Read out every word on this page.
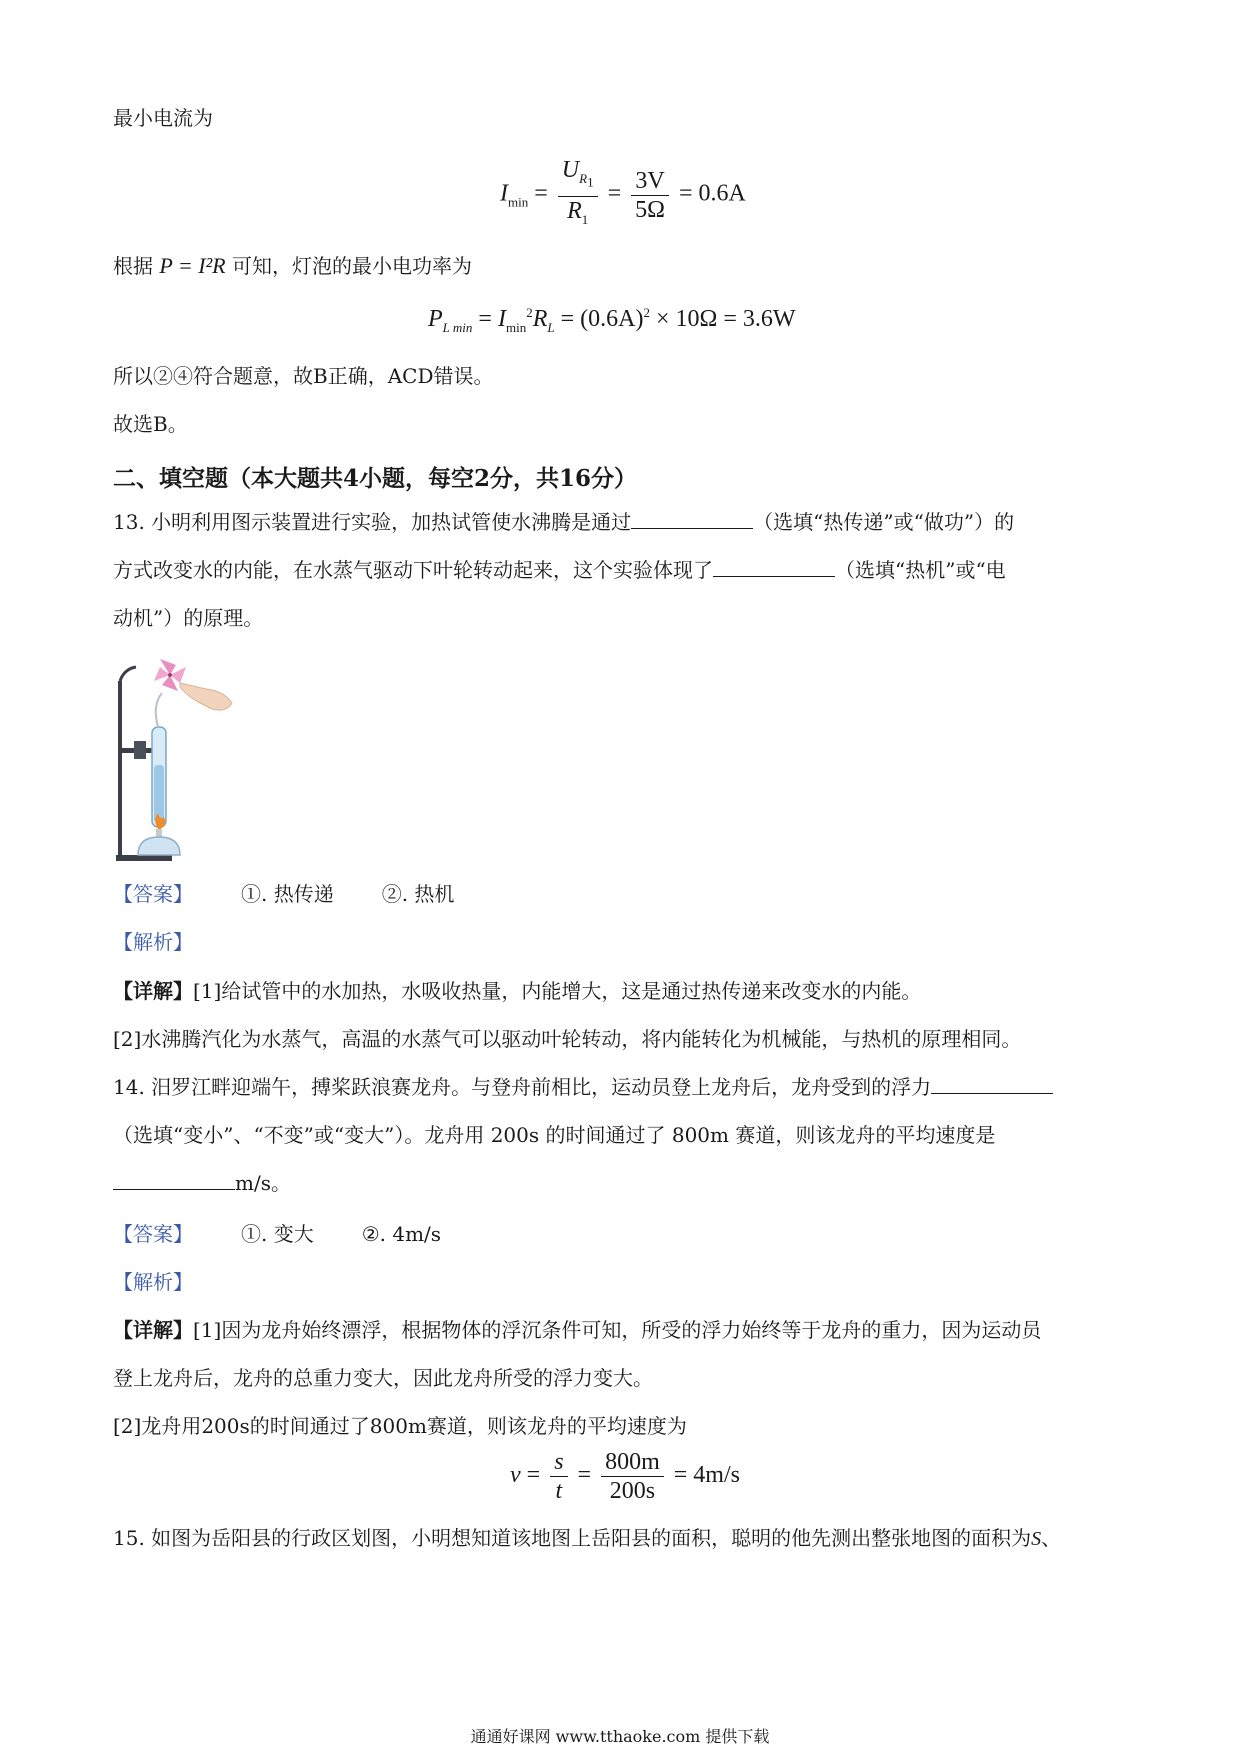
最小电流为
$I_{min} = \frac{U_{R_1}}{R_1} = \frac{3V}{5\Omega} = 0.6A$
根据 P = I²R 可知，灯泡的最小电功率为
$P_{L min} = I_{min}^2R_L = (0.6A)^2 \times 10\Omega = 3.6W$
所以②④符合题意，故B正确，ACD错误。
故选B。
二、填空题（本大题共4小题，每空2分，共16分）
13. 小明利用图示装置进行实验，加热试管使水沸腾是通过	（选填“热传递”或“做功”）的
方式改变水的内能，在水蒸气驱动下叶轮转动起来，这个实验体现了	（选填“热机”或“电
动机”）的原理。
【答案】 ①. 热传递 ②. 热机
【解析】
【详解】[1]给试管中的水加热，水吸收热量，内能增大，这是通过热传递来改变水的内能。
[2]水沸腾汽化为水蒸气，高温的水蒸气可以驱动叶轮转动，将内能转化为机械能，与热机的原理相同。
14. 汨罗江畔迎端午，搏桨跃浪赛龙舟。与登舟前相比，运动员登上龙舟后，龙舟受到的浮力
（选填“变小”、“不变”或“变大”）。龙舟用 200s 的时间通过了 800m 赛道，则该龙舟的平均速度是
m/s。
【答案】 ①. 变大 ②. 4m/s
【解析】
【详解】[1]因为龙舟始终漂浮，根据物体的浮沉条件可知，所受的浮力始终等于龙舟的重力，因为运动员
登上龙舟后，龙舟的总重力变大，因此龙舟所受的浮力变大。
[2]龙舟用200s的时间通过了800m赛道，则该龙舟的平均速度为
$v = \frac{s}{t} = \frac{800m}{200s} = 4m/s$
15. 如图为岳阳县的行政区划图，小明想知道该地图上岳阳县的面积，聪明的他先测出整张地图的面积为S、
通通好课网 www.tthaoke.com 提供下载
